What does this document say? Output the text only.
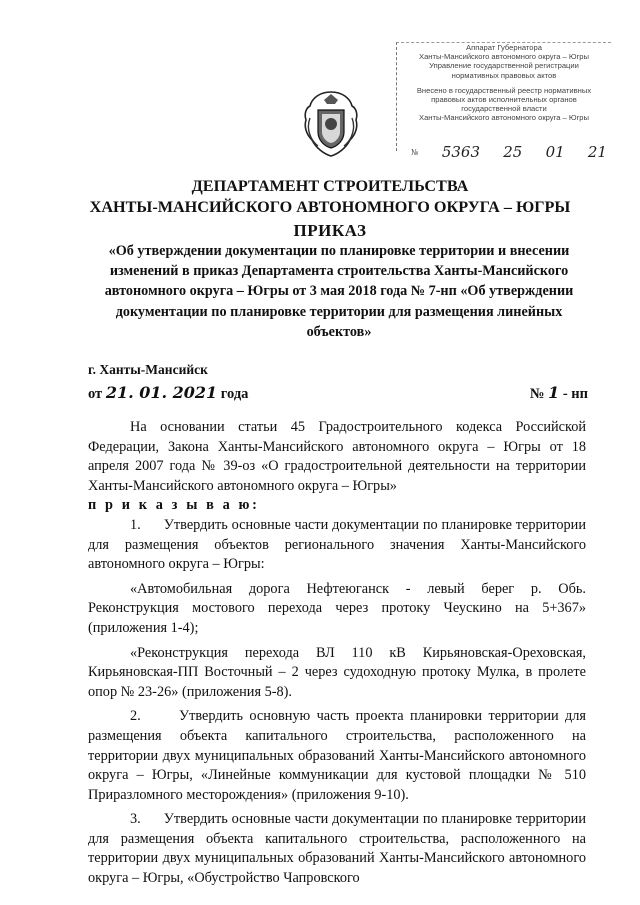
Аппарат Губернатора
Ханты-Мансийского автономного округа – Югры
Управление государственной регистрации
нормативных правовых актов
Внесено в государственный реестр нормативных
правовых актов исполнительных органов
государственной власти
Ханты-Мансийского автономного округа – Югры
№ 5363 25 01 21
ДЕПАРТАМЕНТ СТРОИТЕЛЬСТВА
ХАНТЫ-МАНСИЙСКОГО АВТОНОМНОГО ОКРУГА – ЮГРЫ
ПРИКАЗ
«Об утверждении документации по планировке территории и внесении изменений в приказ Департамента строительства Ханты-Мансийского автономного округа – Югры от 3 мая 2018 года № 7-нп «Об утверждении документации по планировке территории для размещения линейных объектов»
г. Ханты-Мансийск
от 21. 01. 2021 года	№ 1 - нп

На основании статьи 45 Градостроительного кодекса Российской Федерации, Закона Ханты-Мансийского автономного округа – Югры от 18 апреля 2007 года № 39-оз «О градостроительной деятельности на территории Ханты-Мансийского автономного округа – Югры»

п р и к а з ы в а ю:

1.      Утвердить основные части документации по планировке территории для размещения объектов регионального значения Ханты-Мансийского автономного округа – Югры:

«Автомобильная дорога Нефтеюганск - левый берег р. Обь. Реконструкция мостового перехода через протоку Чеускино на 5+367» (приложения 1-4);

«Реконструкция перехода ВЛ 110 кВ Кирьяновская-Ореховская, Кирьяновская-ПП Восточный – 2 через судоходную протоку Мулка, в пролете опор № 23-26» (приложения 5-8).

2.      Утвердить основную часть проекта планировки территории для размещения объекта капитального строительства, расположенного на территории двух муниципальных образований Ханты-Мансийского автономного округа – Югры, «Линейные коммуникации для кустовой площадки № 510 Приразломного месторождения» (приложения 9-10).

3.      Утвердить основные части документации по планировке территории для размещения объекта капитального строительства, расположенного на территории двух муниципальных образований Ханты-Мансийского автономного округа – Югры, «Обустройство Чапровского
